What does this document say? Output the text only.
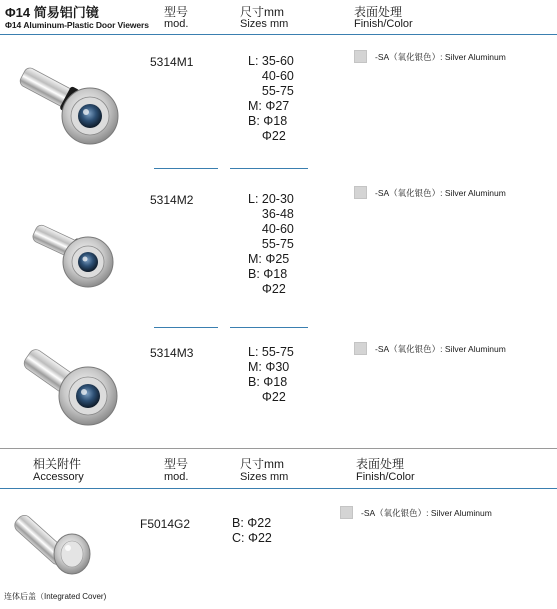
Φ14 简易铝门镜
Φ14 Aluminum-Plastic Door Viewers
型号
mod.
尺寸mm
Sizes mm
表面处理
Finish/Color
5314M1	L: 35-60
40-60
55-75
M: Φ27
B: Φ18
Φ22
-SA（氧化银色）: Silver Aluminum
5314M2	L: 20-30
36-48
40-60
55-75
M: Φ25
B: Φ18
Φ22
-SA（氧化银色）: Silver Aluminum
5314M3	L: 55-75
M: Φ30
B: Φ18
Φ22
-SA（氧化银色）: Silver Aluminum
相关附件
Accessory
型号
mod.
尺寸mm
Sizes mm
表面处理
Finish/Color
连体后盖（Integrated Cover)
F5014G2	B: Φ22
C: Φ22
-SA（氧化银色）: Silver Aluminum
